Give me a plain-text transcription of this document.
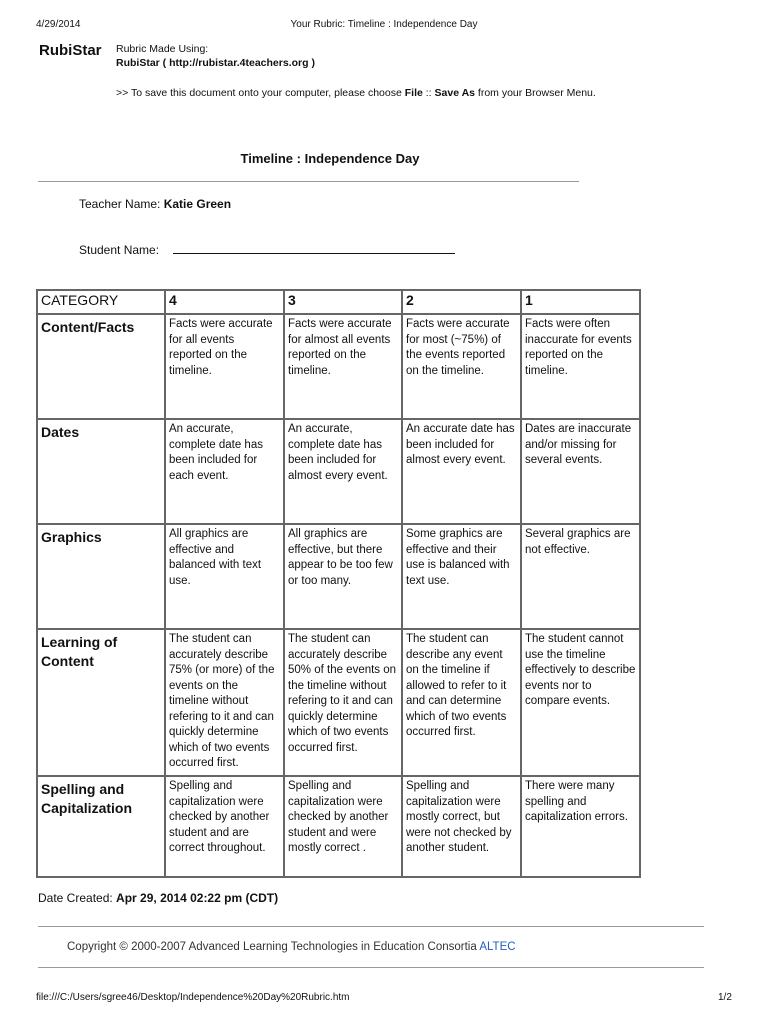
4/29/2014	Your Rubric: Timeline : Independence Day
RubiStar Rubric Made Using:
RubiStar ( http://rubistar.4teachers.org )
>> To save this document onto your computer, please choose File :: Save As from your Browser Menu.
Timeline : Independence Day
Teacher Name: Katie Green
Student Name:
CATEGORY	4	3	2	1
Content/Facts	Facts were accurate for all events reported on the timeline.	Facts were accurate for almost all events reported on the timeline.	Facts were accurate for most (~75%) of the events reported on the timeline.	Facts were often inaccurate for events reported on the timeline.
Dates	An accurate, complete date has been included for each event.	An accurate, complete date has been included for almost every event.	An accurate date has been included for almost every event.	Dates are inaccurate and/or missing for several events.
Graphics	All graphics are effective and balanced with text use.	All graphics are effective, but there appear to be too few or too many.	Some graphics are effective and their use is balanced with text use.	Several graphics are not effective.
Learning of Content	The student can accurately describe 75% (or more) of the events on the timeline without refering to it and can quickly determine which of two events occurred first.	The student can accurately describe 50% of the events on the timeline without refering to it and can quickly determine which of two events occurred first.	The student can describe any event on the timeline if allowed to refer to it and can determine which of two events occurred first.	The student cannot use the timeline effectively to describe events nor to compare events.
Spelling and Capitalization	Spelling and capitalization were checked by another student and are correct throughout.	Spelling and capitalization were checked by another student and were mostly correct .	Spelling and capitalization were mostly correct, but were not checked by another student.	There were many spelling and capitalization errors.
Date Created: Apr 29, 2014 02:22 pm (CDT)
Copyright © 2000-2007 Advanced Learning Technologies in Education Consortia ALTEC
file:///C:/Users/sgree46/Desktop/Independence%20Day%20Rubric.htm	1/2
